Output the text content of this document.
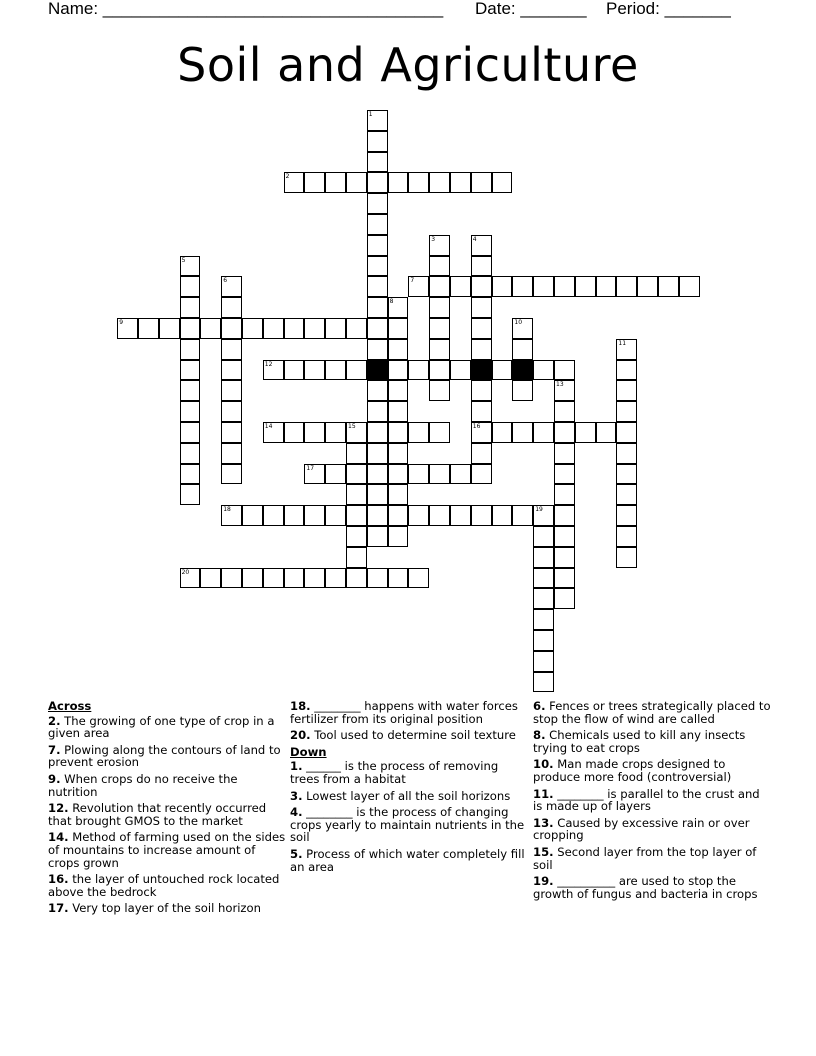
Name: ____________________________________

Date: _______

Period: _______

Soil and Agriculture
1
2
3	4
16
5
6	7
8
9	10
11
12
13
14	15
17
18	19
20
Across
2. The growing of one type of crop in a given area
7. Plowing along the contours of land to prevent erosion
9. When crops do no receive the nutrition
12. Revolution that recently occurred that brought GMOS to the market
14. Method of farming used on the sides of mountains to increase amount of crops grown
16. the layer of untouched rock located above the bedrock
17. Very top layer of the soil horizon
18. ________ happens with water forces fertilizer from its original position
20. Tool used to determine soil texture
Down
1. ______ is the process of removing trees from a habitat
3. Lowest layer of all the soil horizons
4. ________ is the process of changing crops yearly to maintain nutrients in the soil
5. Process of which water completely fill an area
6. Fences or trees strategically placed to stop the flow of wind are called
8. Chemicals used to kill any insects trying to eat crops
10. Man made crops designed to produce more food (controversial)
11. ________ is parallel to the crust and is made up of layers
13. Caused by excessive rain or over cropping
15. Second layer from the top layer of soil
19. __________ are used to stop the growth of fungus and bacteria in crops
